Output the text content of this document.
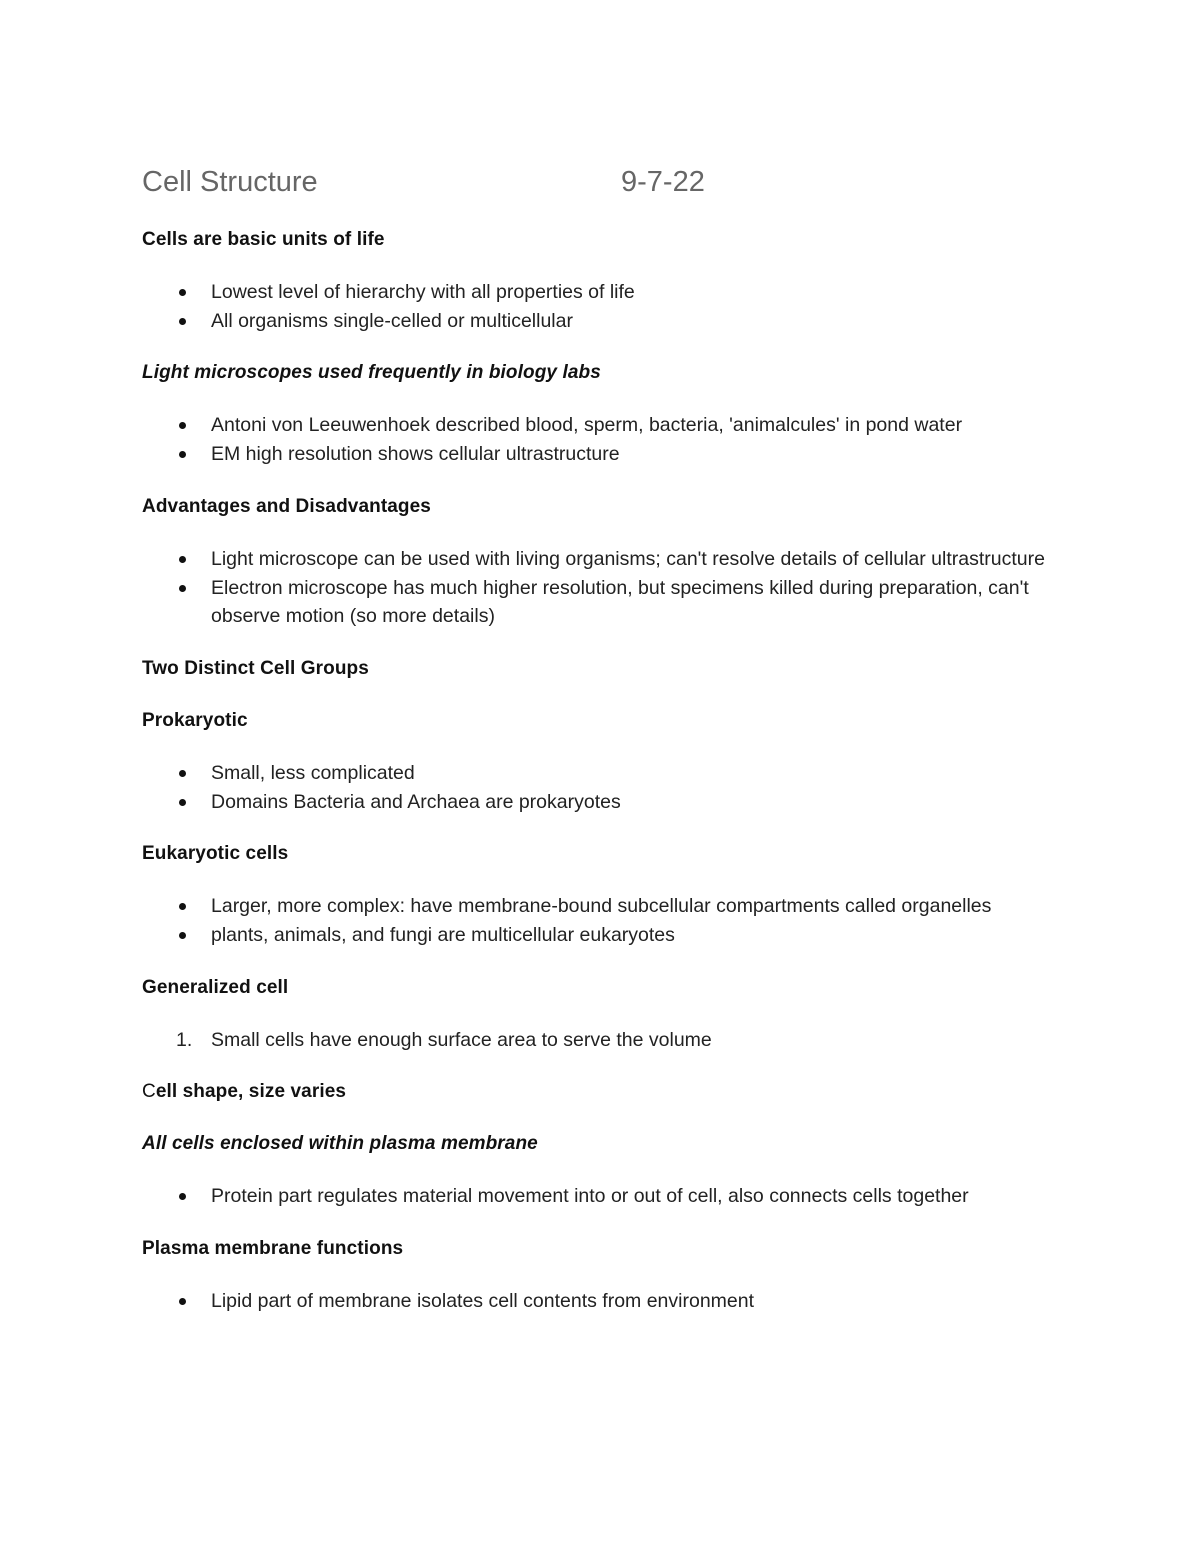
Cell Structure	9-7-22

Cells are basic units of life

Lowest level of hierarchy with all properties of life
All organisms single-celled or multicellular

Light microscopes used frequently in biology labs

Antoni von Leeuwenhoek described blood, sperm, bacteria, 'animalcules' in pond water
EM high resolution shows cellular ultrastructure

Advantages and Disadvantages

Light microscope can be used with living organisms; can't resolve details of cellular ultrastructure
Electron microscope has much higher resolution, but specimens killed during preparation, can't observe motion (so more details)

Two Distinct Cell Groups

Prokaryotic

Small, less complicated
Domains Bacteria and Archaea are prokaryotes

Eukaryotic cells

Larger, more complex: have membrane-bound subcellular compartments called organelles
plants, animals, and fungi are multicellular eukaryotes

Generalized cell

1. Small cells have enough surface area to serve the volume

Cell shape, size varies

All cells enclosed within plasma membrane

Protein part regulates material movement into or out of cell, also connects cells together

Plasma membrane functions

Lipid part of membrane isolates cell contents from environment
